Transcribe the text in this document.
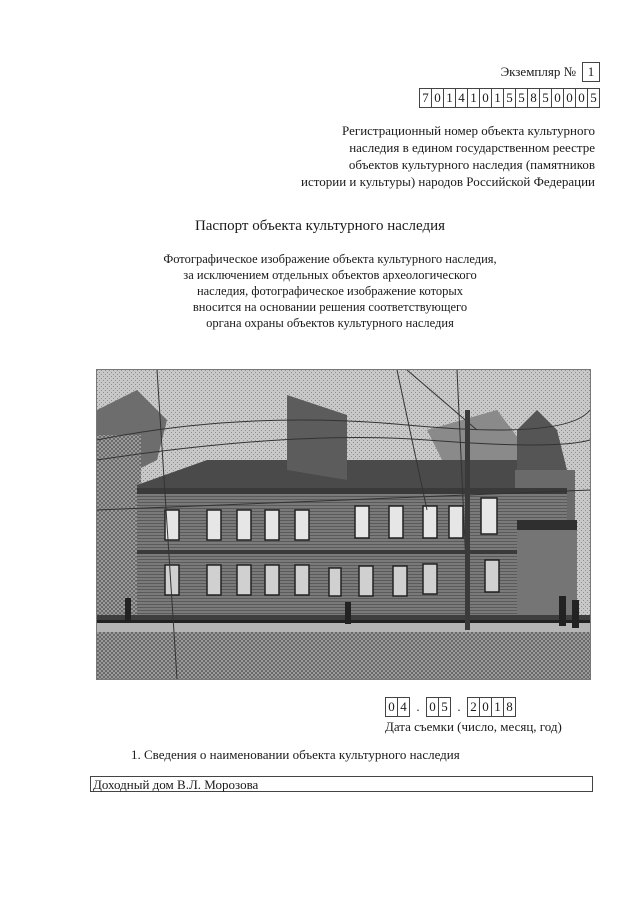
Экземпляр № 1
7 0 1 4 1 0 1 5 5 8 5 0 0 0 5
Регистрационный номер объекта культурного
наследия в едином государственном реестре
объектов культурного наследия (памятников
истории и культуры) народов Российской Федерации
Паспорт объекта культурного наследия
Фотографическое изображение объекта культурного наследия,
за исключением отдельных объектов археологического
наследия, фотографическое изображение которых
вносится на основании решения соответствующего
органа охраны объектов культурного наследия
0 4 . 0 5 . 2 0 1 8
Дата съемки (число, месяц, год)
1. Сведения о наименовании объекта культурного наследия
Доходный дом В.Л. Морозова
